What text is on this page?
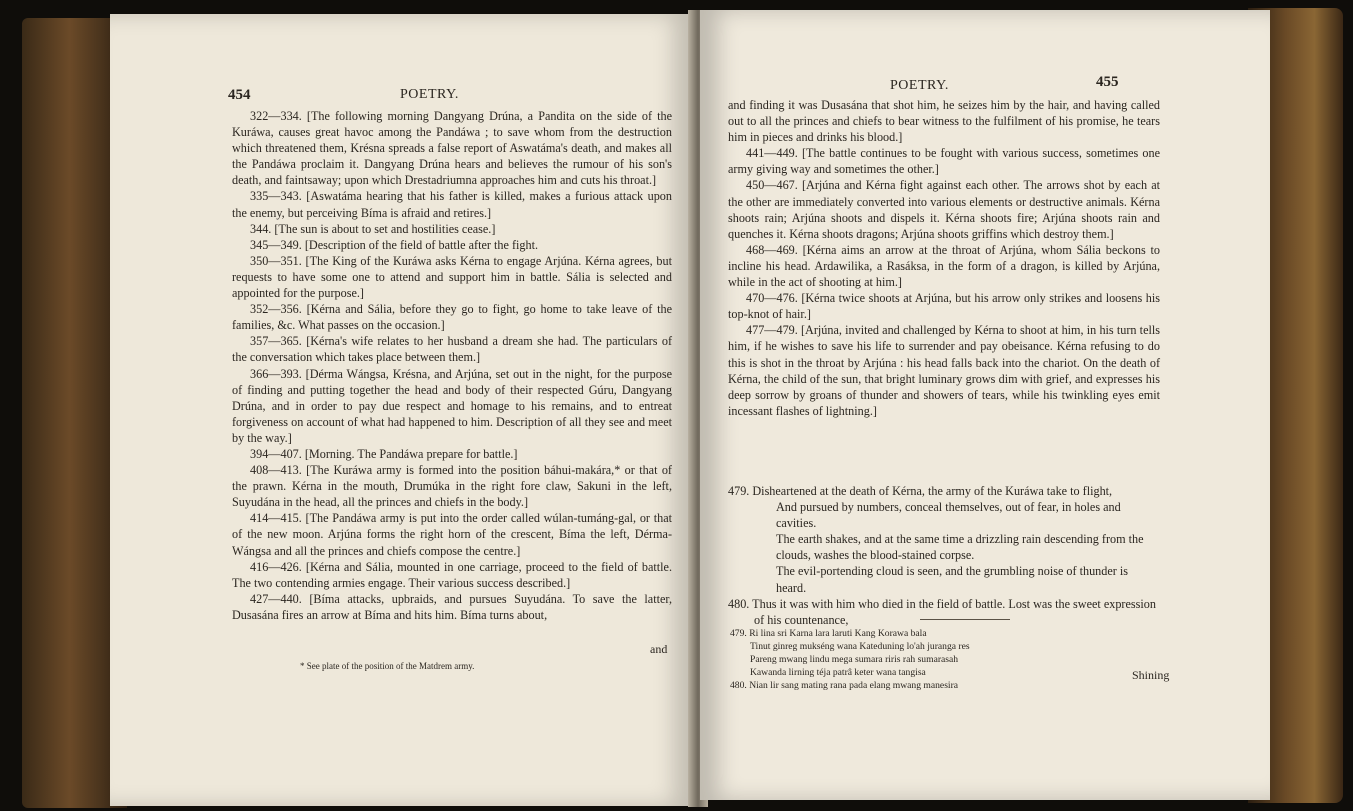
454	POETRY.

322—334. [The following morning Dangyang Drúna, a Pandita on the side of the Kuráwa, causes great havoc among the Pandáwa ; to save whom from the destruction which threatened them, Krésna spreads a false report of Aswatáma's death, and makes all the Pandáwa proclaim it. Dangyang Drúna hears and believes the rumour of his son's death, and faintsaway; upon which Drestadriumna approaches him and cuts his throat.]

335—343. [Aswatáma hearing that his father is killed, makes a furious attack upon the enemy, but perceiving Bíma is afraid and retires.]

344. [The sun is about to set and hostilities cease.]

345—349. [Description of the field of battle after the fight.

350—351. [The King of the Kuráwa asks Kérna to engage Arjúna. Kérna agrees, but requests to have some one to attend and support him in battle. Sália is selected and appointed for the purpose.]

352—356. [Kérna and Sália, before they go to fight, go home to take leave of the families, &c. What passes on the occasion.]

357—365. [Kérna's wife relates to her husband a dream she had. The particulars of the conversation which takes place between them.]

366—393. [Dérma Wángsa, Krésna, and Arjúna, set out in the night, for the purpose of finding and putting together the head and body of their respected Gúru, Dangyang Drúna, and in order to pay due respect and homage to his remains, and to entreat forgiveness on account of what had happened to him. Description of all they see and meet by the way.]

394—407. [Morning. The Pandáwa prepare for battle.]

408—413. [The Kuráwa army is formed into the position báhui-makára,* or that of the prawn. Kérna in the mouth, Drumúka in the right fore claw, Sakuni in the left, Suyudána in the head, all the princes and chiefs in the body.]

414—415. [The Pandáwa army is put into the order called wúlan-tumáng-gal, or that of the new moon. Arjúna forms the right horn of the crescent, Bíma the left, Dérma-Wángsa and all the princes and chiefs compose the centre.]

416—426. [Kérna and Sália, mounted in one carriage, proceed to the field of battle. The two contending armies engage. Their various success described.]

427—440. [Bíma attacks, upbraids, and pursues Suyudána. To save the latter, Dusasána fires an arrow at Bíma and hits him. Bíma turns about,

and
* See plate of the position of the Matdrem army.
POETRY.	455

and finding it was Dusasána that shot him, he seizes him by the hair, and having called out to all the princes and chiefs to bear witness to the fulfilment of his promise, he tears him in pieces and drinks his blood.]

441—449. [The battle continues to be fought with various success, sometimes one army giving way and sometimes the other.]

450—467. [Arjúna and Kérna fight against each other. The arrows shot by each at the other are immediately converted into various elements or destructive animals. Kérna shoots rain; Arjúna shoots and dispels it. Kérna shoots fire; Arjúna shoots rain and quenches it. Kérna shoots dragons; Arjúna shoots griffins which destroy them.]

468—469. [Kérna aims an arrow at the throat of Arjúna, whom Sália beckons to incline his head. Ardawilika, a Rasáksa, in the form of a dragon, is killed by Arjúna, while in the act of shooting at him.]

470—476. [Kérna twice shoots at Arjúna, but his arrow only strikes and loosens his top-knot of hair.]

477—479. [Arjúna, invited and challenged by Kérna to shoot at him, in his turn tells him, if he wishes to save his life to surrender and pay obeisance. Kérna refusing to do this is shot in the throat by Arjúna : his head falls back into the chariot. On the death of Kérna, the child of the sun, that bright luminary grows dim with grief, and expresses his deep sorrow by groans of thunder and showers of tears, while his twinkling eyes emit incessant flashes of lightning.]

479. Disheartened at the death of Kérna, the army of the Kuráwa take to flight,

And pursued by numbers, conceal themselves, out of fear, in holes and cavities.

The earth shakes, and at the same time a drizzling rain descending from the clouds, washes the blood-stained corpse.

The evil-portending cloud is seen, and the grumbling noise of thunder is heard.

480. Thus it was with him who died in the field of battle. Lost was the sweet expression of his countenance,

479. Ri lina sri Karna lara laruti Kang Korawa bala

Tinut ginreg mukséng wana Kateduning lo'ah juranga res

Pareng mwang lindu mega sumara riris rah sumarasah

Kawanda lirning téja patrâ keter wana tangisa

480. Nian lir sang mating rana pada elang mwang manesira

Shining
